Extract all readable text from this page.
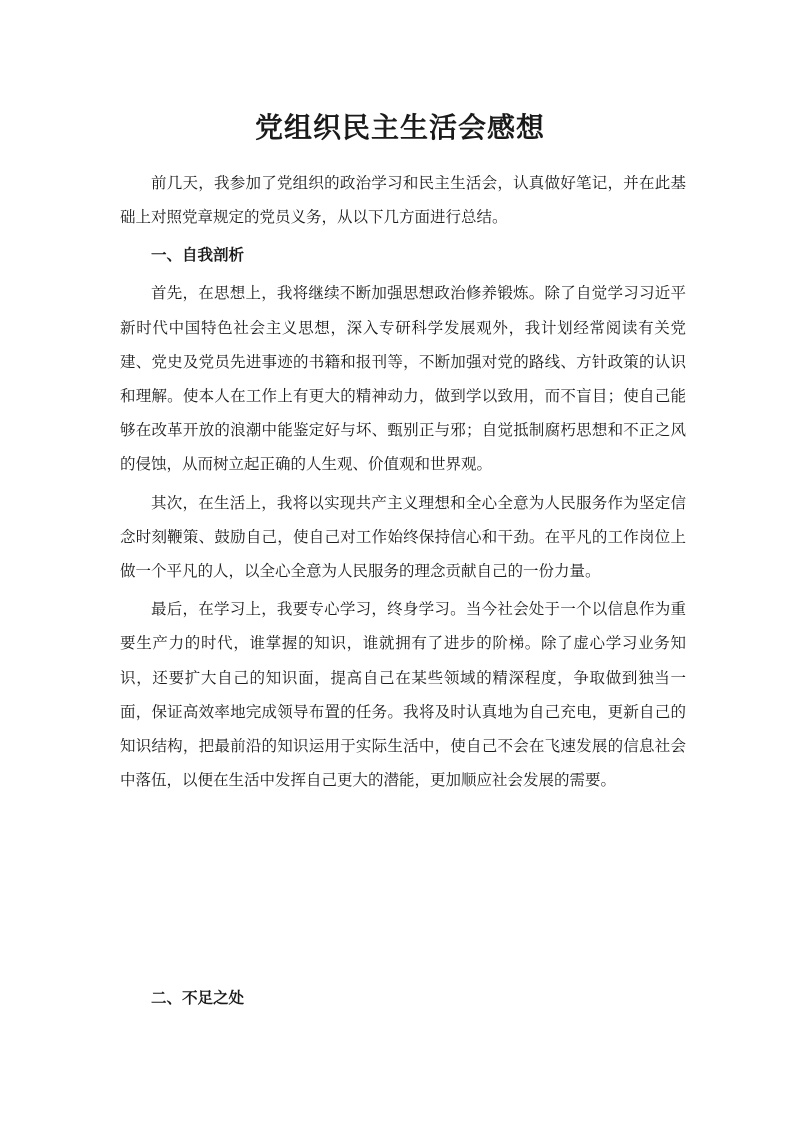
党组织民主生活会感想

前几天，我参加了党组织的政治学习和民主生活会，认真做好笔记，并在此基础上对照党章规定的党员义务，从以下几方面进行总结。

一、自我剖析

首先，在思想上，我将继续不断加强思想政治修养锻炼。除了自觉学习习近平新时代中国特色社会主义思想，深入专研科学发展观外，我计划经常阅读有关党建、党史及党员先进事迹的书籍和报刊等，不断加强对党的路线、方针政策的认识和理解。使本人在工作上有更大的精神动力，做到学以致用，而不盲目；使自己能够在改革开放的浪潮中能鉴定好与坏、甄别正与邪；自觉抵制腐朽思想和不正之风的侵蚀，从而树立起正确的人生观、价值观和世界观。

其次，在生活上，我将以实现共产主义理想和全心全意为人民服务作为坚定信念时刻鞭策、鼓励自己，使自己对工作始终保持信心和干劲。在平凡的工作岗位上做一个平凡的人，以全心全意为人民服务的理念贡献自己的一份力量。

最后，在学习上，我要专心学习，终身学习。当今社会处于一个以信息作为重要生产力的时代，谁掌握的知识，谁就拥有了进步的阶梯。除了虚心学习业务知识，还要扩大自己的知识面，提高自己在某些领域的精深程度，争取做到独当一面，保证高效率地完成领导布置的任务。我将及时认真地为自己充电，更新自己的知识结构，把最前沿的知识运用于实际生活中，使自己不会在飞速发展的信息社会中落伍，以便在生活中发挥自己更大的潜能，更加顺应社会发展的需要。

二、不足之处
